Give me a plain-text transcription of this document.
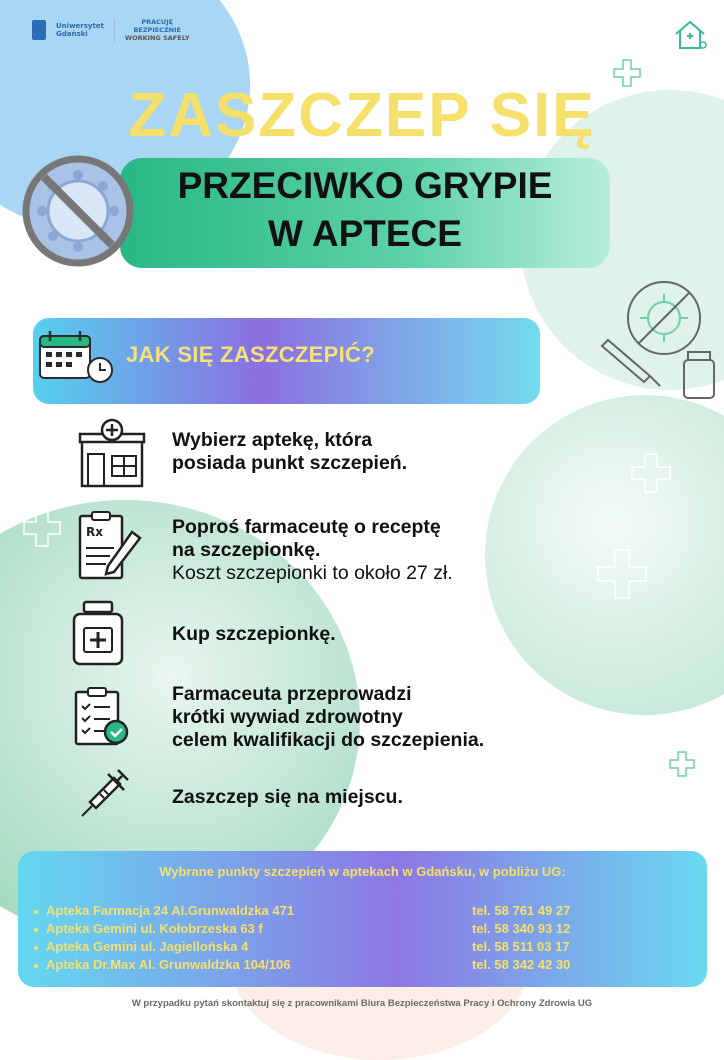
Uniwersytet
Gdański
PRACUJĘ
BEZPIECZNIE
WORKING SAFELY
ZASZCZEP SIĘ
PRZECIWKO GRYPIE
W APTECE
JAK SIĘ ZASZCZEPIĆ?
Wybierz aptekę, która
posiada punkt szczepień.
Rx	Poproś farmaceutę o receptę
na szczepionkę.
Koszt szczepionki to około 27 zł.
Kup szczepionkę.
Farmaceuta przeprowadzi
krótki wywiad zdrowotny
celem kwalifikacji do szczepienia.
Zaszczep się na miejscu.
Wybrane punkty szczepień w aptekach w Gdańsku, w pobliżu UG:
Apteka Farmacja 24 Al.Grunwaldzka 471	tel. 58 761 49 27
Apteka Gemini ul. Kołobrzeska 63 f	tel. 58 340 93 12
Apteka Gemini ul. Jagiellońska 4	tel. 58 511 03 17
Apteka Dr.Max Al. Grunwaldzka 104/106	tel. 58 342 42 30
W przypadku pytań skontaktuj się z pracownikami Biura Bezpieczeństwa Pracy i Ochrony Zdrowia UG
